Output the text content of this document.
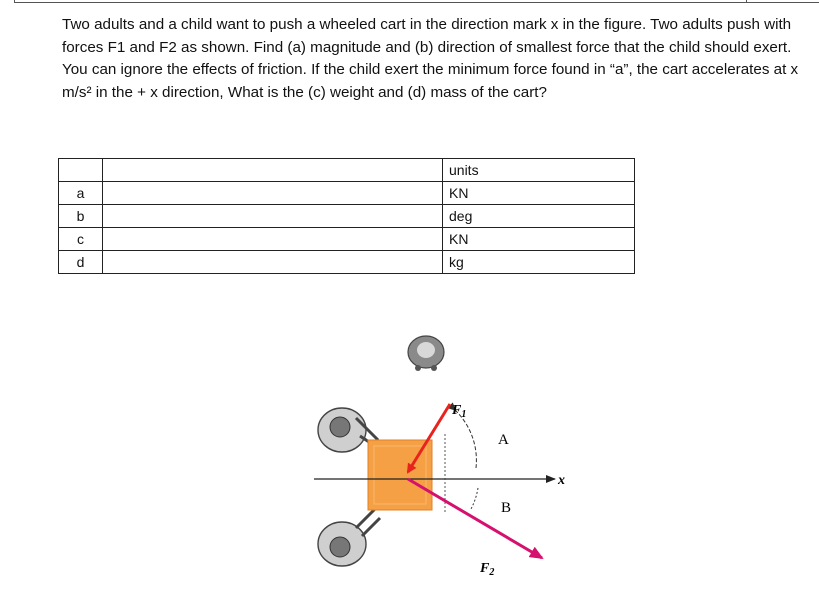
Two adults and a child want to push a wheeled cart in the direction mark x in the figure. Two adults push with forces F1 and F2 as shown. Find (a) magnitude and (b) direction of smallest force that the child should exert. You can ignore the effects of friction. If the child exert the minimum force found in “a”, the cart accelerates at x m/s² in the + x direction, What is the (c) weight and (d) mass of the cart?

		units
a		KN
b		deg
c		KN
d		kg
x
$F_1$
A
B
$F_2$
